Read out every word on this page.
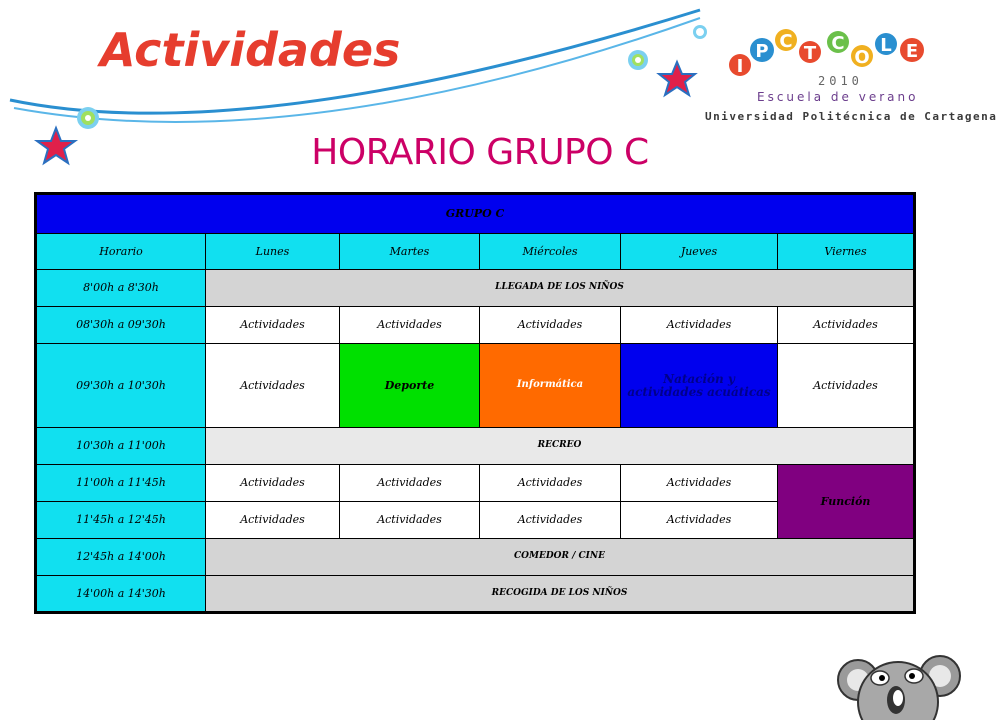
Actividades
HORARIO GRUPO C
I
P C
T C
O
L E
2010
Escuela de verano
Universidad Politécnica de Cartagena
GRUPO C					
Horario	Lunes	Martes	Miércoles	Jueves	Viernes
8'00h a 8'30h	LLEGADA DE LOS NIÑOS				
08'30h a 09'30h	Actividades	Actividades	Actividades	Actividades	Actividades
09'30h a 10'30h	Actividades	Deporte	Informática	Natación y actividades acuáticas	Actividades
10'30h a 11'00h	RECREO				
11'00h a 11'45h	Actividades	Actividades	Actividades	Actividades	Función
11'45h a 12'45h	Actividades	Actividades	Actividades	Actividades	
12'45h a 14'00h	COMEDOR / CINE				
14'00h a 14'30h	RECOGIDA DE LOS NIÑOS				
